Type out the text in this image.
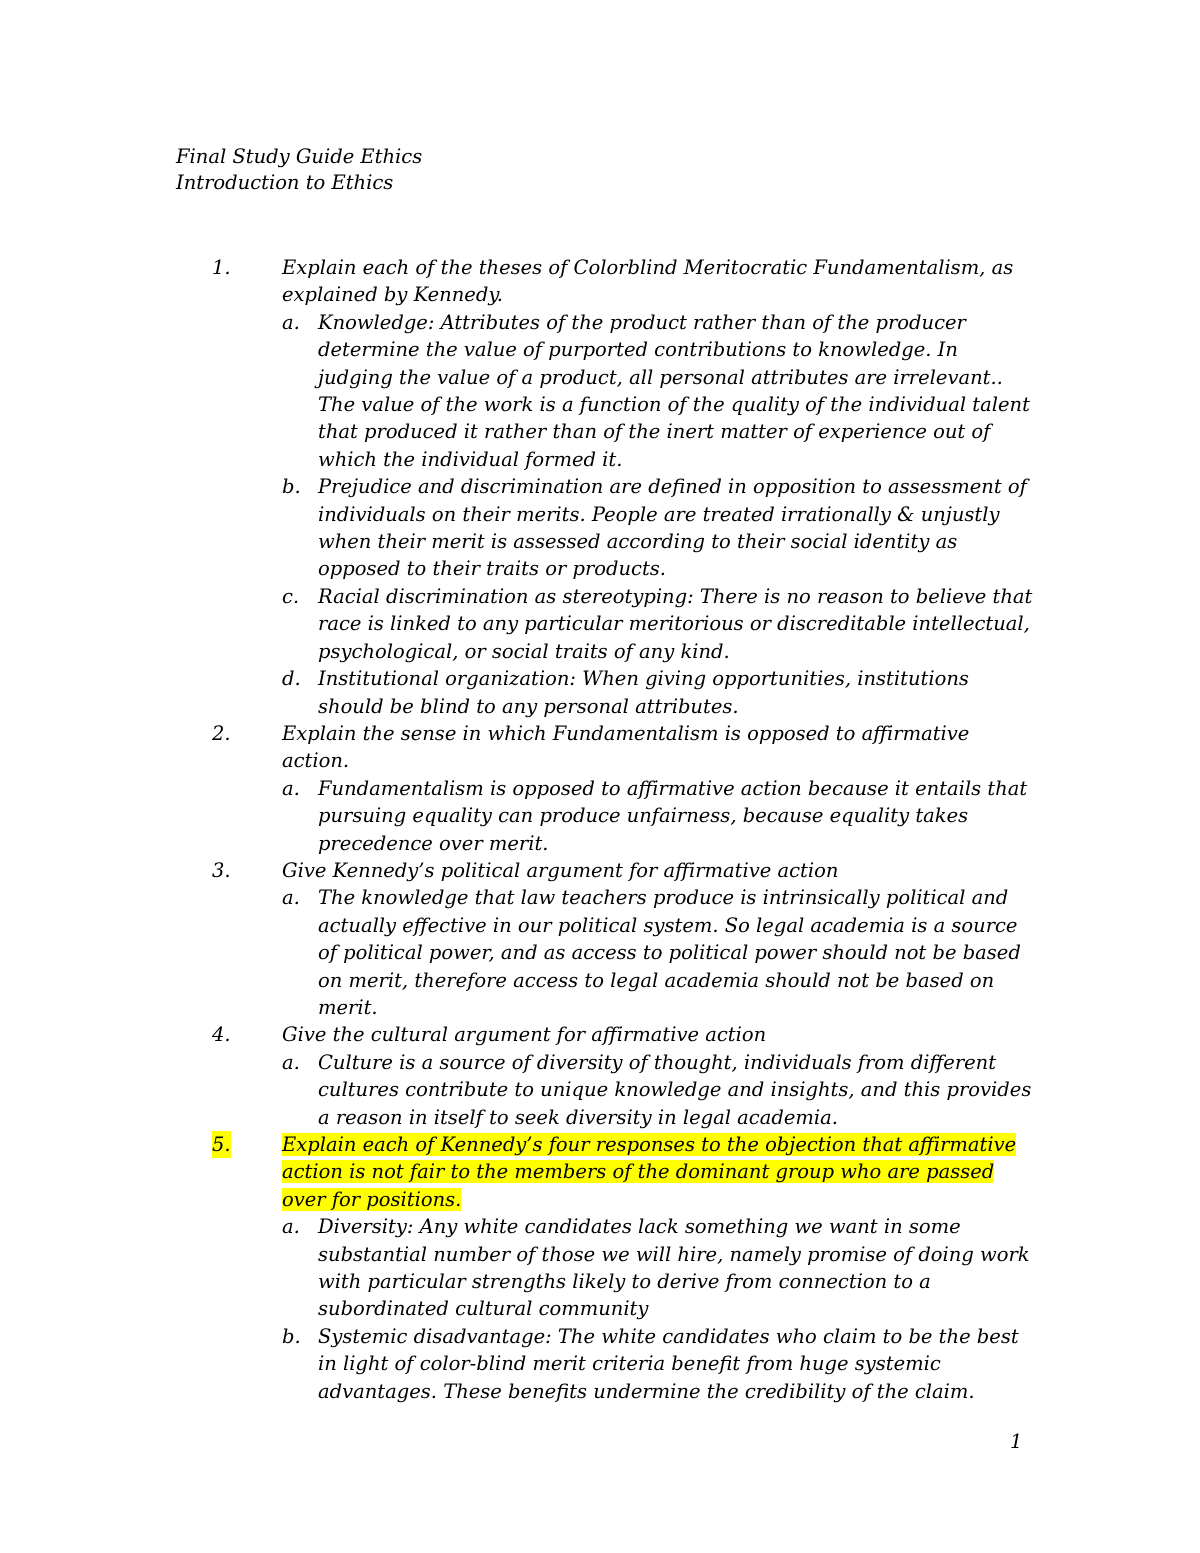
Final Study Guide Ethics
Introduction to Ethics
1.	Explain each of the theses of Colorblind Meritocratic Fundamentalism, as explained by Kennedy.
a. Knowledge: Attributes of the product rather than of the producer determine the value of purported contributions to knowledge. In judging the value of a product, all personal attributes are irrelevant.. The value of the work is a function of the quality of the individual talent that produced it rather than of the inert matter of experience out of which the individual formed it.
b. Prejudice and discrimination are defined in opposition to assessment of individuals on their merits. People are treated irrationally & unjustly when their merit is assessed according to their social identity as opposed to their traits or products.
c. Racial discrimination as stereotyping: There is no reason to believe that race is linked to any particular meritorious or discreditable intellectual, psychological, or social traits of any kind.
d. Institutional organization: When giving opportunities, institutions should be blind to any personal attributes.
2.	Explain the sense in which Fundamentalism is opposed to affirmative action.
a. Fundamentalism is opposed to affirmative action because it entails that pursuing equality can produce unfairness, because equality takes precedence over merit.
3.	Give Kennedy’s political argument for affirmative action
a. The knowledge that law teachers produce is intrinsically political and actually effective in our political system. So legal academia is a source of political power, and as access to political power should not be based on merit, therefore access to legal academia should not be based on merit.
4.	Give the cultural argument for affirmative action
a. Culture is a source of diversity of thought, individuals from different cultures contribute to unique knowledge and insights, and this provides a reason in itself to seek diversity in legal academia.
5.	Explain each of Kennedy’s four responses to the objection that affirmative action is not fair to the members of the dominant group who are passed over for positions.
a. Diversity: Any white candidates lack something we want in some substantial number of those we will hire, namely promise of doing work with particular strengths likely to derive from connection to a subordinated cultural community
b. Systemic disadvantage: The white candidates who claim to be the best in light of color-blind merit criteria benefit from huge systemic advantages. These benefits undermine the credibility of the claim.
1
